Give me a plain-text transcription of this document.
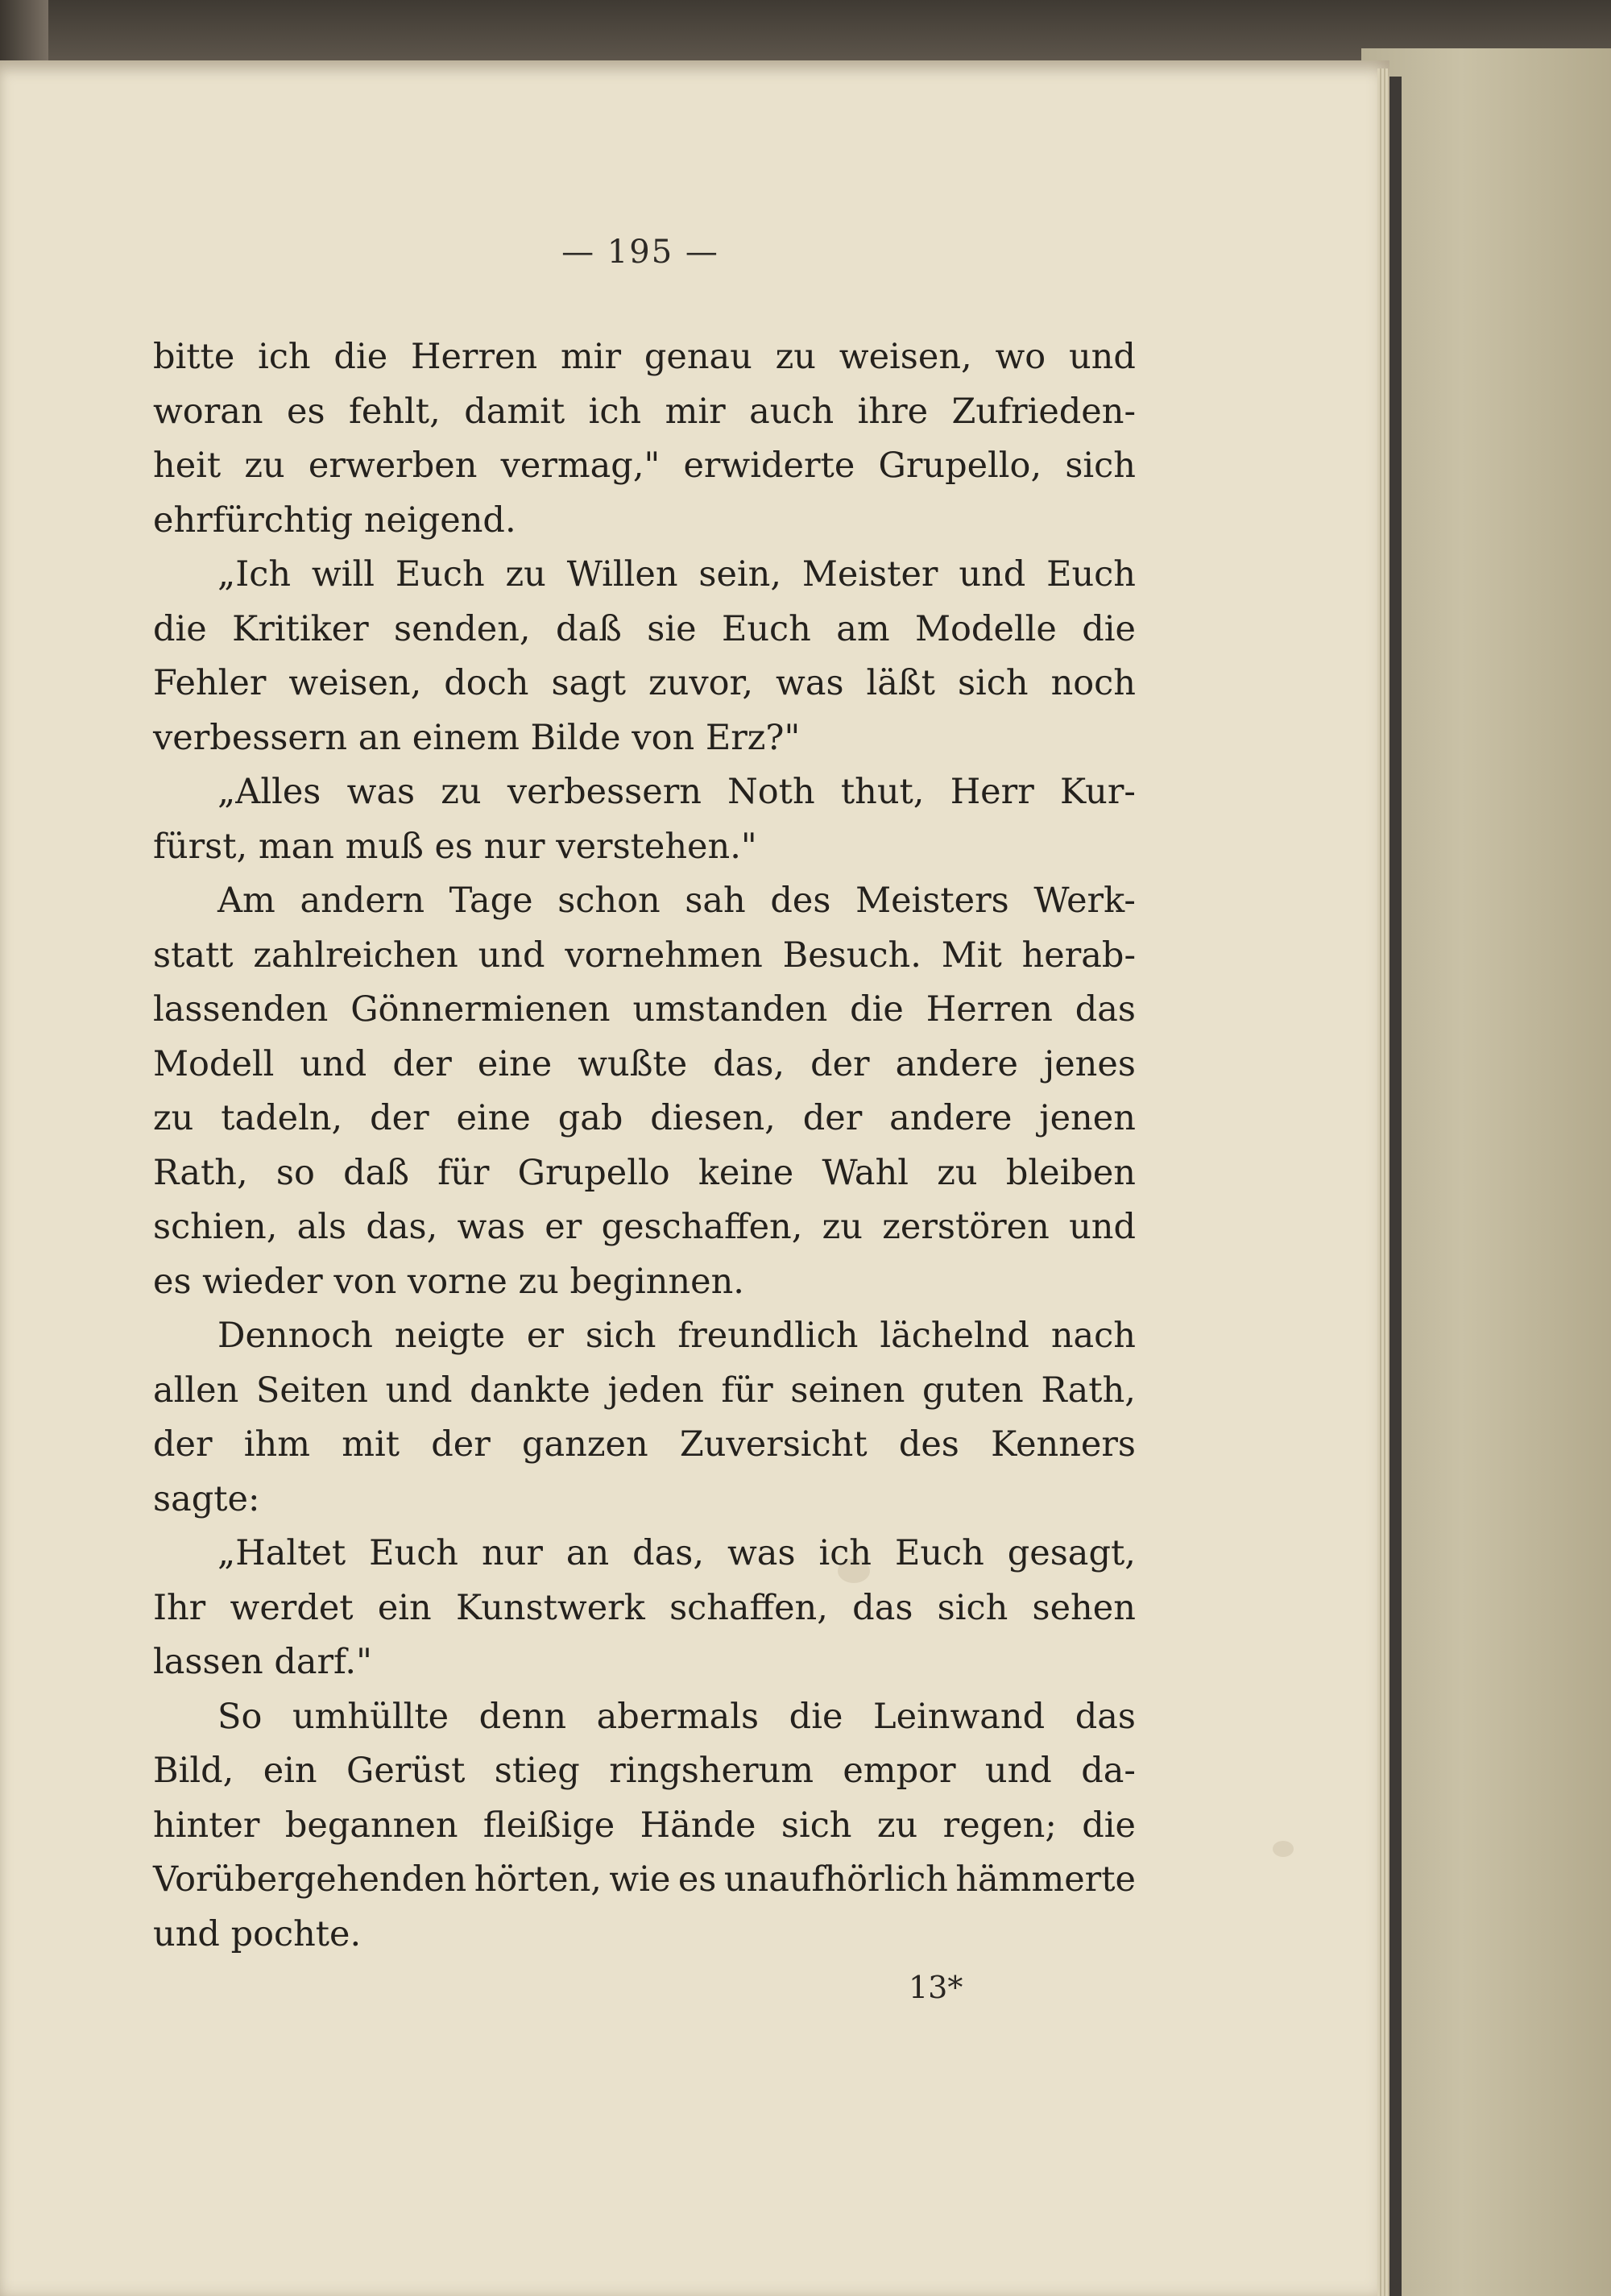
— 195 —
bitte ich die Herren mir genau zu weisen, wo und
woran es fehlt, damit ich mir auch ihre Zufrieden-
heit zu erwerben vermag," erwiderte Grupello, sich
ehrfürchtig neigend.
„Ich will Euch zu Willen sein, Meister und Euch
die Kritiker senden, daß sie Euch am Modelle die
Fehler weisen, doch sagt zuvor, was läßt sich noch
verbessern an einem Bilde von Erz?"
„Alles was zu verbessern Noth thut, Herr Kur-
fürst, man muß es nur verstehen."
Am andern Tage schon sah des Meisters Werk-
statt zahlreichen und vornehmen Besuch. Mit herab-
lassenden Gönnermienen umstanden die Herren das
Modell und der eine wußte das, der andere jenes
zu tadeln, der eine gab diesen, der andere jenen
Rath, so daß für Grupello keine Wahl zu bleiben
schien, als das, was er geschaffen, zu zerstören und
es wieder von vorne zu beginnen.
Dennoch neigte er sich freundlich lächelnd nach
allen Seiten und dankte jeden für seinen guten Rath,
der ihm mit der ganzen Zuversicht des Kenners
sagte:
„Haltet Euch nur an das, was ich Euch gesagt,
Ihr werdet ein Kunstwerk schaffen, das sich sehen
lassen darf."
So umhüllte denn abermals die Leinwand das
Bild, ein Gerüst stieg ringsherum empor und da-
hinter begannen fleißige Hände sich zu regen; die
Vorübergehenden hörten, wie es unaufhörlich hämmerte
und pochte.
13*
